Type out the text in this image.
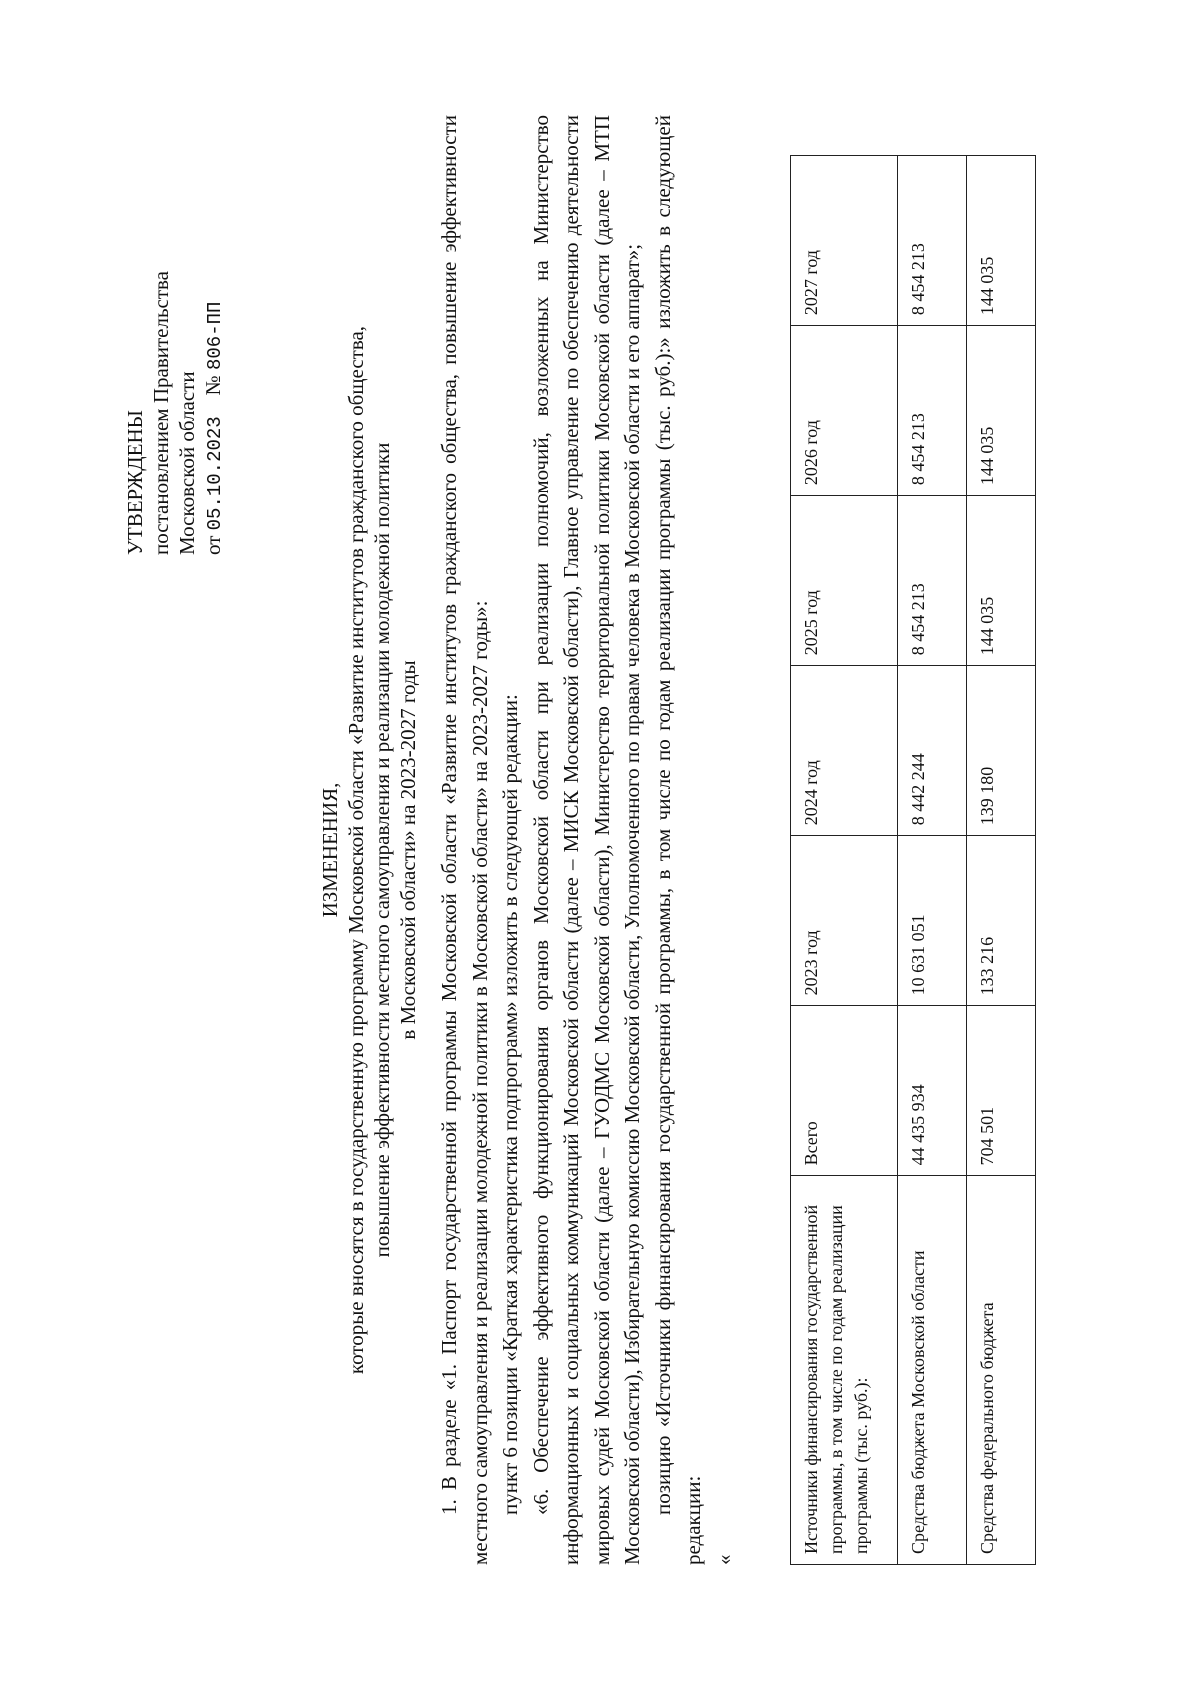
УТВЕРЖДЕНЫ постановлением Правительства Московской области от 05.10.2023    № 806-ПП
ИЗМЕНЕНИЯ, которые вносятся в государственную программу Московской области «Развитие институтов гражданского общества, повышение эффективности местного самоуправления и реализации молодежной политики в Московской области» на 2023-2027 годы 1. В разделе «1. Паспорт государственной программы Московской области «Развитие институтов гражданского общества, повышение эффективности местного самоуправления и реализации молодежной политики в Московской области» на 2023-2027 годы»: пункт 6 позиции «Краткая характеристика подпрограмм» изложить в следующей редакции: «6. Обеспечение эффективного функционирования органов Московской области при реализации полномочий, возложенных на Министерство информационных и социальных коммуникаций Московской области (далее – МИСК Московской области), Главное управление по обеспечению деятельности мировых судей Московской области (далее – ГУОДМС Московской области), Министерство территориальной политики Московской области (далее – МТП Московской области), Избирательную комиссию Московской области, Уполномоченного по правам человека в Московской области и его аппарат»; позицию «Источники финансирования государственной программы, в том числе по годам реализации программы (тыс. руб.):» изложить в следующей редакции: «

Источники финансирования государственной программы, в том числе по годам реализации программы (тыс. руб.):	Всего	2023 год	2024 год	2025 год	2026 год	2027 год
Средства бюджета Московской области	44 435 934	10 631 051	8 442 244	8 454 213	8 454 213	8 454 213
Средства федерального бюджета	704 501	133 216	139 180	144 035	144 035	144 035
